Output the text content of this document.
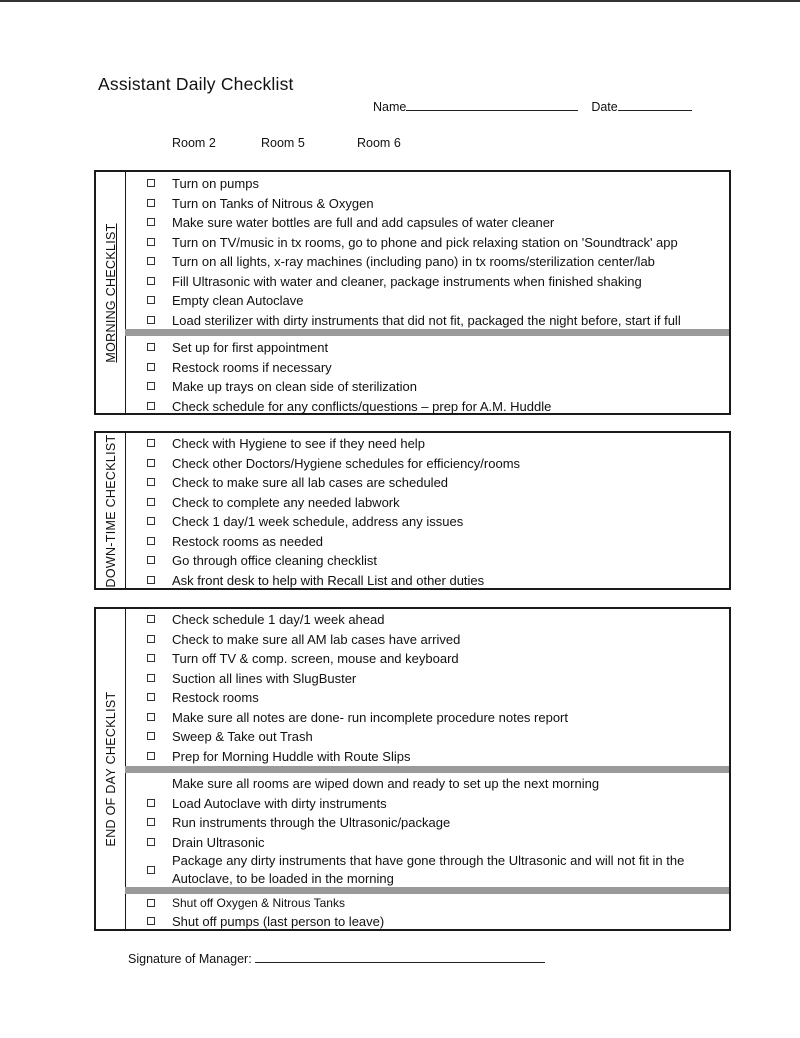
Assistant Daily Checklist
Name	Date
Room 2	Room 5	Room 6
MORNING CHECKLIST
Turn on pumps
Turn on Tanks of Nitrous & Oxygen
Make sure water bottles are full and add capsules of water cleaner
Turn on TV/music in tx rooms, go to phone and pick relaxing station on 'Soundtrack' app
Turn on all lights, x-ray machines (including pano) in tx rooms/sterilization center/lab
Fill Ultrasonic with water and cleaner, package instruments when finished shaking
Empty clean Autoclave
Load sterilizer with dirty instruments that did not fit, packaged the night before, start if full
Set up for first appointment
Restock rooms if necessary
Make up trays on clean side of sterilization
Check schedule for any conflicts/questions – prep for A.M. Huddle
DOWN-TIME CHECKLIST	Check with Hygiene to see if they need help
Check other Doctors/Hygiene schedules for efficiency/rooms
Check to make sure all lab cases are scheduled
Check to complete any needed labwork
Check 1 day/1 week schedule, address any issues
Restock rooms as needed
Go through office cleaning checklist
Ask front desk to help with Recall List and other duties
END OF DAY CHECKLIST
Check schedule 1 day/1 week ahead
Check to make sure all AM lab cases have arrived
Turn off TV & comp. screen, mouse and keyboard
Suction all lines with SlugBuster
Restock rooms
Make sure all notes are done- run incomplete procedure notes report
Sweep & Take out Trash
Prep for Morning Huddle with Route Slips
Make sure all rooms are wiped down and ready to set up the next morning
Load Autoclave with dirty instruments
Run instruments through the Ultrasonic/package
Drain Ultrasonic
Package any dirty instruments that have gone through the Ultrasonic and will not fit in the Autoclave, to be loaded in the morning
Shut off Oxygen & Nitrous Tanks
Shut off pumps (last person to leave)
Signature of Manager:
